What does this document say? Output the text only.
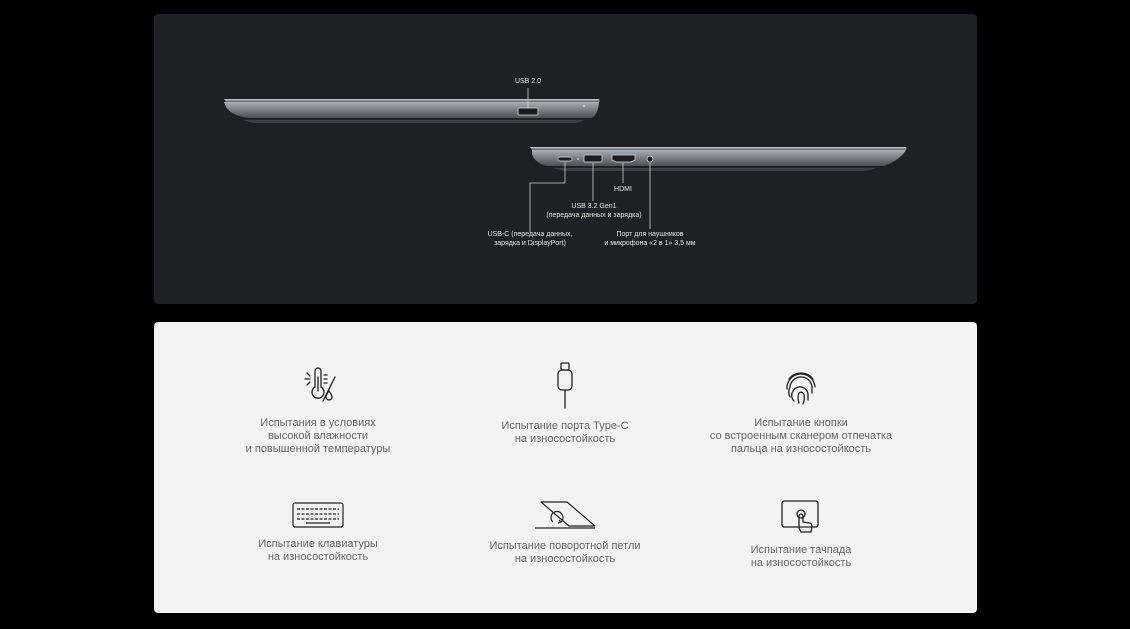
USB 2.0
HDMI
USB 3.2 Gen1
(передача данных и зарядка)
USB-C (передача данных,
зарядка и DisplayPort)
Порт для наушников
и микрофона «2 в 1» 3,5 мм
Испытания в условиях
высокой влажности
и повышенной температуры
Испытание порта Type-C
на износостойкость
Испытание кнопки
со встроенным сканером отпечатка
пальца на износостойкость
Испытание клавиатуры
на износостойкость
Испытание поворотной петли
на износостойкость
Испытание тачпада
на износостойкость
